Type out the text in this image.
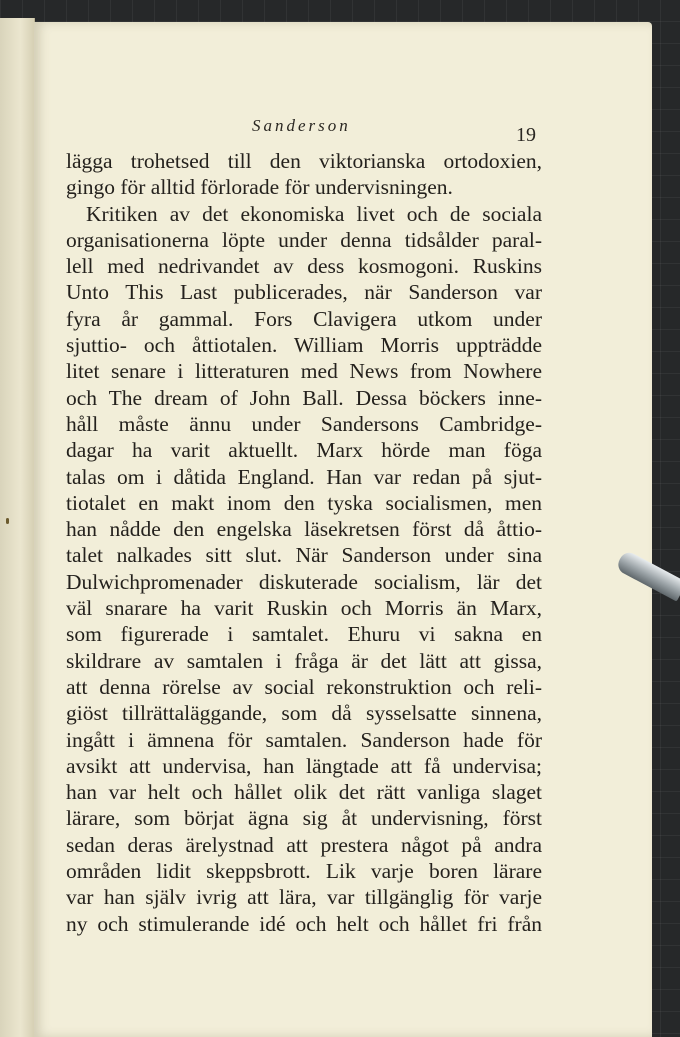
Sanderson	19
lägga trohetsed till den viktorianska ortodoxien,
gingo för alltid förlorade för undervisningen.
Kritiken av det ekonomiska livet och de sociala
organisationerna löpte under denna tidsålder paral-
lell med nedrivandet av dess kosmogoni. Ruskins
Unto This Last publicerades, när Sanderson var
fyra år gammal. Fors Clavigera utkom under
sjuttio- och åttiotalen. William Morris uppträdde
litet senare i litteraturen med News from Nowhere
och The dream of John Ball. Dessa böckers inne-
håll måste ännu under Sandersons Cambridge-
dagar ha varit aktuellt. Marx hörde man föga
talas om i dåtida England. Han var redan på sjut-
tiotalet en makt inom den tyska socialismen, men
han nådde den engelska läsekretsen först då åttio-
talet nalkades sitt slut. När Sanderson under sina
Dulwichpromenader diskuterade socialism, lär det
väl snarare ha varit Ruskin och Morris än Marx,
som figurerade i samtalet. Ehuru vi sakna en
skildrare av samtalen i fråga är det lätt att gissa,
att denna rörelse av social rekonstruktion och reli-
giöst tillrättaläggande, som då sysselsatte sinnena,
ingått i ämnena för samtalen. Sanderson hade för
avsikt att undervisa, han längtade att få undervisa;
han var helt och hållet olik det rätt vanliga slaget
lärare, som börjat ägna sig åt undervisning, först
sedan deras ärelystnad att prestera något på andra
områden lidit skeppsbrott. Lik varje boren lärare
var han själv ivrig att lära, var tillgänglig för varje
ny och stimulerande idé och helt och hållet fri från
